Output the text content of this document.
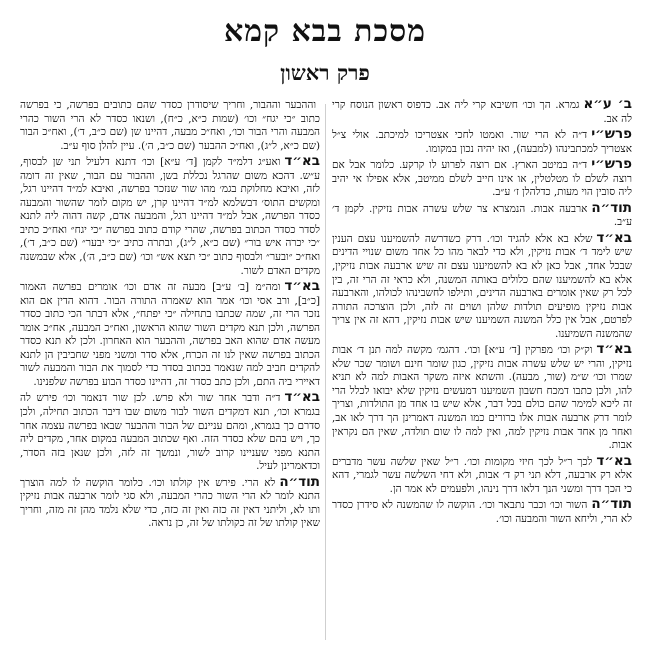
מסכת בבא קמא
פרק ראשון

ב׳ ע״אגמרא. הך וכו׳ חשיבא קרי ליה אב. כדפוס ראשון הנוסח קרי לה אב.

פרש״יד״ה לא הרי שור. ואמטו לחכי אצטריכו למיכתב. אולי צ״ל אצטריך למכתבינהו (למבעה), ואז יהיה נכון במקומו.

פרש״יד״ה במיטב הארץ. אם רוצה לפרוע לו קרקע. כלומר אבל אם רוצה לשלם לו מטלטלין, או אינו חייב לשלם ממיטב, אלא אפילו אי יהיב ליה סובין הוי מעות, כדלהלן ז׳ ע״ב.

תוד״הארבעה אבות. הנמצרא צר שלש עשרה אבות נזיקין. לקמן ד׳ ע״ב.

בא״דשלא בא אלא להגיד וכו׳. דרק כשדרשה להשמיענו עצם הענין שיש לימד ד׳ אבות נזיקין, ולא כדי לבאר מהו כל אחד משום שנויי הדינים שבכל אחד, אבל כאן לא בא להשמיענו עצם זה שיש ארבעה אבות נזיקין, אלא בא להשמיענו שהם כלולים באותה המשנה, ולא כראי זה הרי זה, בין לכל רק שאין אומרים בארבעה הדינים, ותילפו לחשבינהו לכולהו, והארבעה אבות נזיקין מופיעים תולדות שלהן ושוים זה לזה, ולכן הוצרכה התורה לפרטם, אבל אין כלל המשנה השמיענו שיש אבות נזיקין, דהא זה אין צריך שהמשנה השמיענו.

בא״דוק״ק וכו׳ מפרקין [ד׳ ע״א] וכו׳. דהגמ׳ מקשה למה תנן ד׳ אבות נזיקין, והרי יש שלש עשרה אבות נזיקין, כגון שומר חינם ושומר שכר שלא שמרו וכו׳ ש״מ (שור, מבעה). והשתא איזה משקר האבות למה לא תניא להו, ולכן כתבו דמכח חשבון השמיענו דמעשים נזיקין שלא יבואו לכלל הרי זה ליכא למימר שהם כולם בכל דבר, אלא שיש בו אחד מן התולדות, וצריך לומר דרק ארבעה אבות אלו ברורים כמו המשנה דאמרינן הך דרך לאו אב, ואחר מן אחד אבות נזיקין למה, ואין למה לו שום תולדה, שאין הם נקראין אבות.

בא״דלכך ר״ל לכך חיזי מקומות וכו׳. ר״ל שאין שלשה עשר מדברים אלא רק ארבעה, דלא תני רק ד׳ אבות, ולא דחי השלשה עשר לגמרי, דהא כי הכך דרך ומשני הנך דלאו דרך נינהו, ולפעמים לא אמר הן.

תוד״ההשור וכו׳ וכבר נתבאר וכו׳. הוקשה לו שהמשנה לא סידרן כסדר לא הרי, וליחא השור והמבעה וכו׳.

וההבער וההבור, וחריך שיסודרן כסדר שהם כתובים בפרשה, כי בפרשה כתוב ״כי יגח״ וכו׳ (שמות כ״א, כ״ח), ושנאו כסדר לא הרי השור כהרי המבעה והרי הבור וכו׳, ואח״כ מבעה, דהיינו שן (שם כ״ב, ד׳), ואח״כ הבור (שם כ״א, ל״ג), ואח״כ ההבער (שם כ״ב, ה׳). עיין להלן סוף ע״ב.

בא״דואע״ג דלמ״ד לקמן [ד׳ ע״א] וכו׳ דתנא דלעיל תני שן לבסוף, ע״ש. דהכא משום שהרגל נכללת בשן, וההבור עם הבור, שאין זה דומה לזה, ואיבא מחלוקת בגמ׳ מהו שור שנזכר בפרשה, ואיבא למ״ד דהיינו רגל, ומקשים התוס׳ דבשלמא למ״ד דהיינו קרן, יש מקום לומר שהשור והמבעה כסדר הפרשה, אבל למ״ד דהיינו רגל, והמבעה אדם, קשה דהוה ליה לתנא לסדר כסדר הכתוב בפרשה, שהרי קודם כתוב בפרשה ״כי יגח״ ואח״כ כתיב ״כי יכרה איש בור״ (שם כ״א, ל״ג), ובתרה כתיב ״כי יבער״ (שם כ״ב, ד׳), ואח״כ ״ובער״ ולבסוף כתוב ״כי תצא אש״ וכו׳ (שם כ״ב, ה׳), אלא שבמשנה מקדים האדם לשור.

בא״דומה״מ [ב׳ ע״ב] מבעה זה אדם וכו׳ אומרים בפרשה האמור [כ״ב], ורב אסי וכו׳ אמר הוא שאמרה התורה הבור. דהוא הדין אם הוא נזכר הרי זה, שמה שכתבו בתחילה ״כי יפתח״, אלא דבתר הכי כתוב כסדר הפרשה, ולכן תנא מקדים השור שהוא הראשון, ואח״כ המבעה, אח״כ אומר מעשה אדם שהוא האב בפרשה, וההבער הוא האחרון. ולכן לא תנא כסדר הכתוב בפרשה שאין לנו זה הכרח, אלא סדר ומשני מפני שחביבין הן לתנא להקדים חביב למה שנאמר בכתוב בסדר כדי לסמוך את הבור והמבעה לשור דאיירי ביה התם, ולכן כתב כסדר זה, דהיינו כסדר הבוע בפרשה שלפנינו.

בא״דד״ה ודבר אחר שור ולא פרש. לכן שור דנאמר וכו׳ פירש לה בגמרא וכו׳, תנא דמקדים השור לבור משום שבו דיבר הכתוב תחילה, ולכן סדרם כך בגמרא, ומהם עניינם של הבור וההבער שבאו בפרשה עצמה אחר כך, ויש בהם שלא כסדר הזה. ואף שכתוב המבעה במקום אחר, מקדים ליה התנא מפני שעניינו קרוב לשור, ונמשך זה לזה, ולכן שנאן בזה הסדר, וכדאמרינן לעיל.

תוד״הלא הרי. פירש אין קולתו וכו׳. כלומר הוקשה לו למה הוצרך התנא לומר לא הרי השור כהרי המבעה, ולא סגי לומר ארבעה אבות נזיקין ותו לא, וליתני דאין זה כזה ואין זה כזה, כדי שלא נלמד מהן זה מזה, וחריך שאין קולתו של זה כקולתו של זה, כן נראה.
